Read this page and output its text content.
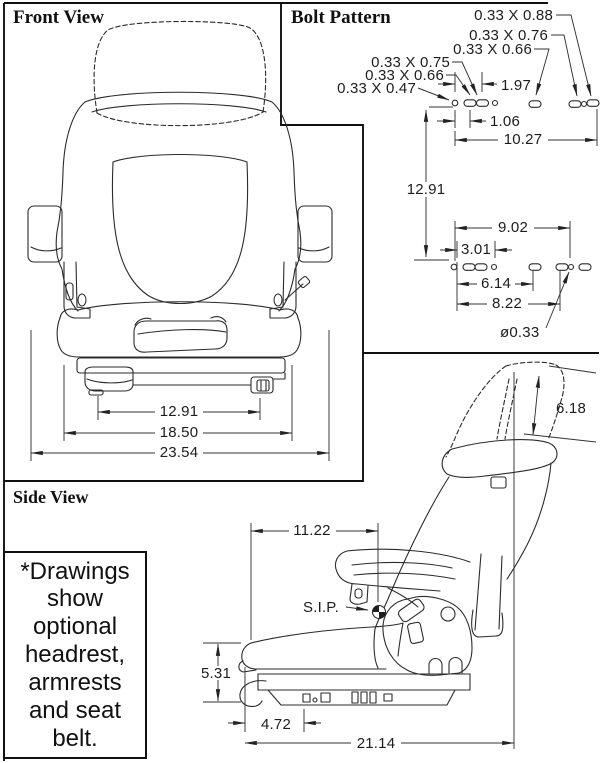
12.91
18.50
23.54
0.33 X 0.88
0.33 X 0.76
0.33 X 0.66
0.33 X 0.75
0.33 X 0.66
0.33 X 0.47	1.97
1.06
10.27
12.91
9.02
3.01
6.14
8.22
ø0.33
11.22
6.18
5.31
4.72
21.14
S.I.P.
Front View	Bolt Pattern
Side View
*Drawings
show
optional
headrest,
armrests
and seat
belt.
